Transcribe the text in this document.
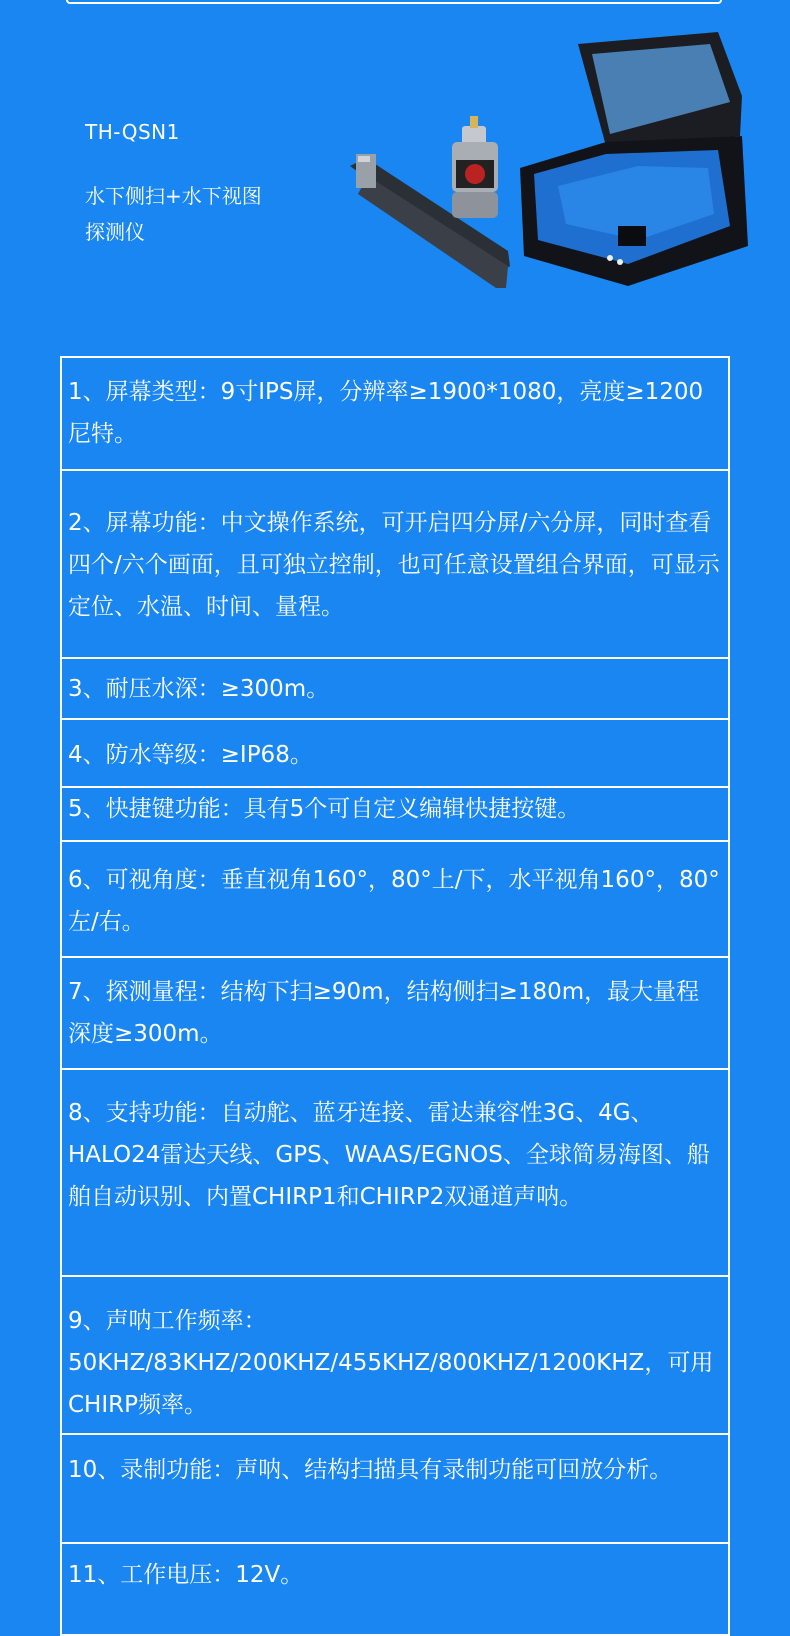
TH-QSN1
水下侧扫+水下视图
探测仪
1、屏幕类型：9寸IPS屏，分辨率≥1900*1080，亮度≥1200尼特。
2、屏幕功能：中文操作系统，可开启四分屏/六分屏，同时查看四个/六个画面，且可独立控制，也可任意设置组合界面，可显示定位、水温、时间、量程。
3、耐压水深：≥300m。
4、防水等级：≥IP68。
5、快捷键功能：具有5个可自定义编辑快捷按键。
6、可视角度：垂直视角160°，80°上/下，水平视角160°，80°左/右。
7、探测量程：结构下扫≥90m，结构侧扫≥180m，最大量程深度≥300m。
8、支持功能：自动舵、蓝牙连接、雷达兼容性3G、4G、HALO24雷达天线、GPS、WAAS/EGNOS、全球简易海图、船舶自动识别、内置CHIRP1和CHIRP2双通道声呐。
9、声呐工作频率：50KHZ/83KHZ/200KHZ/455KHZ/800KHZ/1200KHZ，可用CHIRP频率。
10、录制功能：声呐、结构扫描具有录制功能可回放分析。
11、工作电压：12V。
